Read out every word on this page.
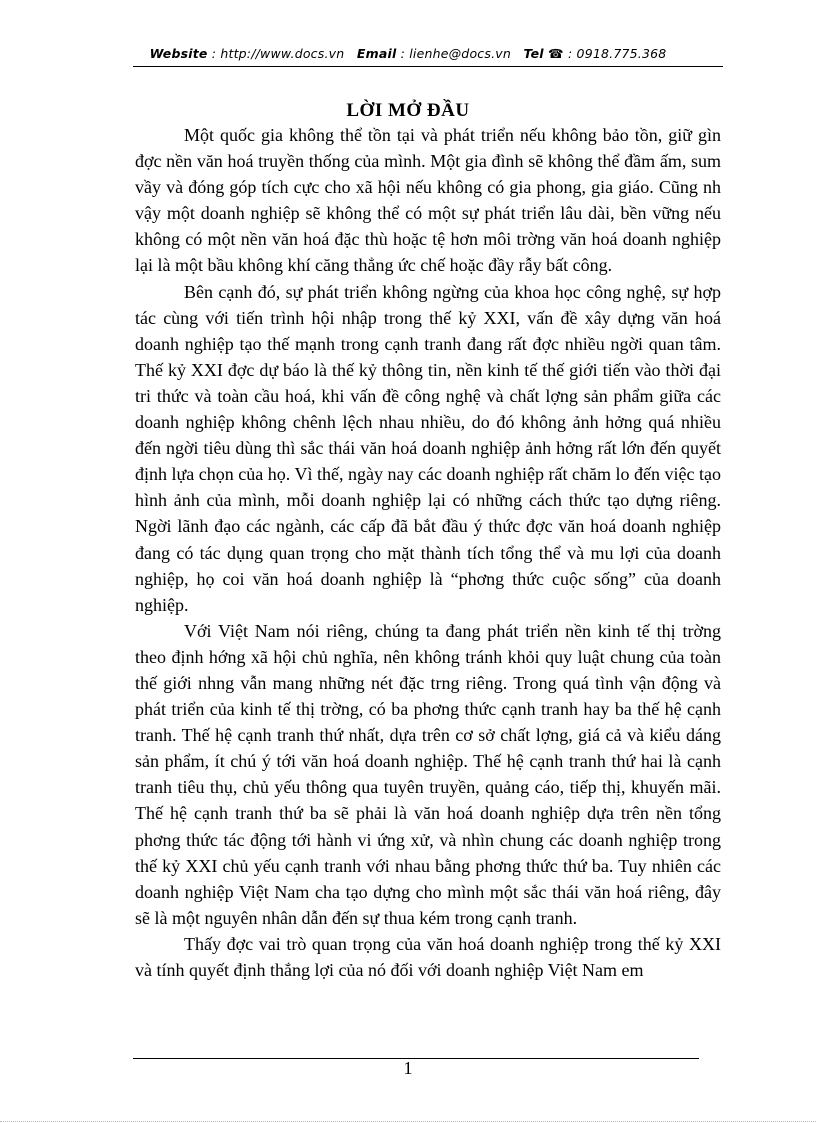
Website : http://www.docs.vn Email : lienhe@docs.vn Tel ☎ : 0918.775.368
LỜI MỞ ĐẦU

Một quốc gia không thể tồn tại và phát triển nếu không bảo tồn, giữ gìn đợc nền văn hoá truyền thống của mình. Một gia đình sẽ không thể đầm ấm, sum vầy và đóng góp tích cực cho xã hội nếu không có gia phong, gia giáo. Cũng nh vậy một doanh nghiệp sẽ không thể có một sự phát triển lâu dài, bền vững nếu không có một nền văn hoá đặc thù hoặc tệ hơn môi trờng văn hoá doanh nghiệp lại là một bầu không khí căng thẳng ức chế hoặc đầy rẫy bất công.

Bên cạnh đó, sự phát triển không ngừng của khoa học công nghệ, sự hợp tác cùng với tiến trình hội nhập trong thế kỷ XXI, vấn đề xây dựng văn hoá doanh nghiệp tạo thế mạnh trong cạnh tranh đang rất đợc nhiều ngời quan tâm. Thế kỷ XXI đợc dự báo là thế kỷ thông tin, nền kinh tế thế giới tiến vào thời đại tri thức và toàn cầu hoá, khi vấn đề công nghệ và chất lợng sản phẩm giữa các doanh nghiệp không chênh lệch nhau nhiều, do đó không ảnh hởng quá nhiều đến ngời tiêu dùng thì sắc thái văn hoá doanh nghiệp ảnh hởng rất lớn đến quyết định lựa chọn của họ. Vì thế, ngày nay các doanh nghiệp rất chăm lo đến việc tạo hình ảnh của mình, mỗi doanh nghiệp lại có những cách thức tạo dựng riêng. Ngời lãnh đạo các ngành, các cấp đã bắt đầu ý thức đợc văn hoá doanh nghiệp đang có tác dụng quan trọng cho mặt thành tích tổng thể và mu lợi của doanh nghiệp, họ coi văn hoá doanh nghiệp là “phơng thức cuộc sống” của doanh nghiệp.

Với Việt Nam nói riêng, chúng ta đang phát triển nền kinh tế thị trờng theo định hớng xã hội chủ nghĩa, nên không tránh khỏi quy luật chung của toàn thế giới nhng vẫn mang những nét đặc trng riêng. Trong quá tình vận động và phát triển của kinh tế thị trờng, có ba phơng thức cạnh tranh hay ba thế hệ cạnh tranh. Thế hệ cạnh tranh thứ nhất, dựa trên cơ sở chất lợng, giá cả và kiểu dáng sản phẩm, ít chú ý tới văn hoá doanh nghiệp. Thế hệ cạnh tranh thứ hai là cạnh tranh tiêu thụ, chủ yếu thông qua tuyên truyền, quảng cáo, tiếp thị, khuyến mãi. Thế hệ cạnh tranh thứ ba sẽ phải là văn hoá doanh nghiệp dựa trên nền tổng phơng thức tác động tới hành vi ứng xử, và nhìn chung các doanh nghiệp trong thế kỷ XXI chủ yếu cạnh tranh với nhau bằng phơng thức thứ ba. Tuy nhiên các doanh nghiệp Việt Nam cha tạo dựng cho mình một sắc thái văn hoá riêng, đây sẽ là một nguyên nhân dẫn đến sự thua kém trong cạnh tranh.

Thấy đợc vai trò quan trọng của văn hoá doanh nghiệp trong thế kỷ XXI và tính quyết định thắng lợi của nó đối với doanh nghiệp Việt Nam em

1
